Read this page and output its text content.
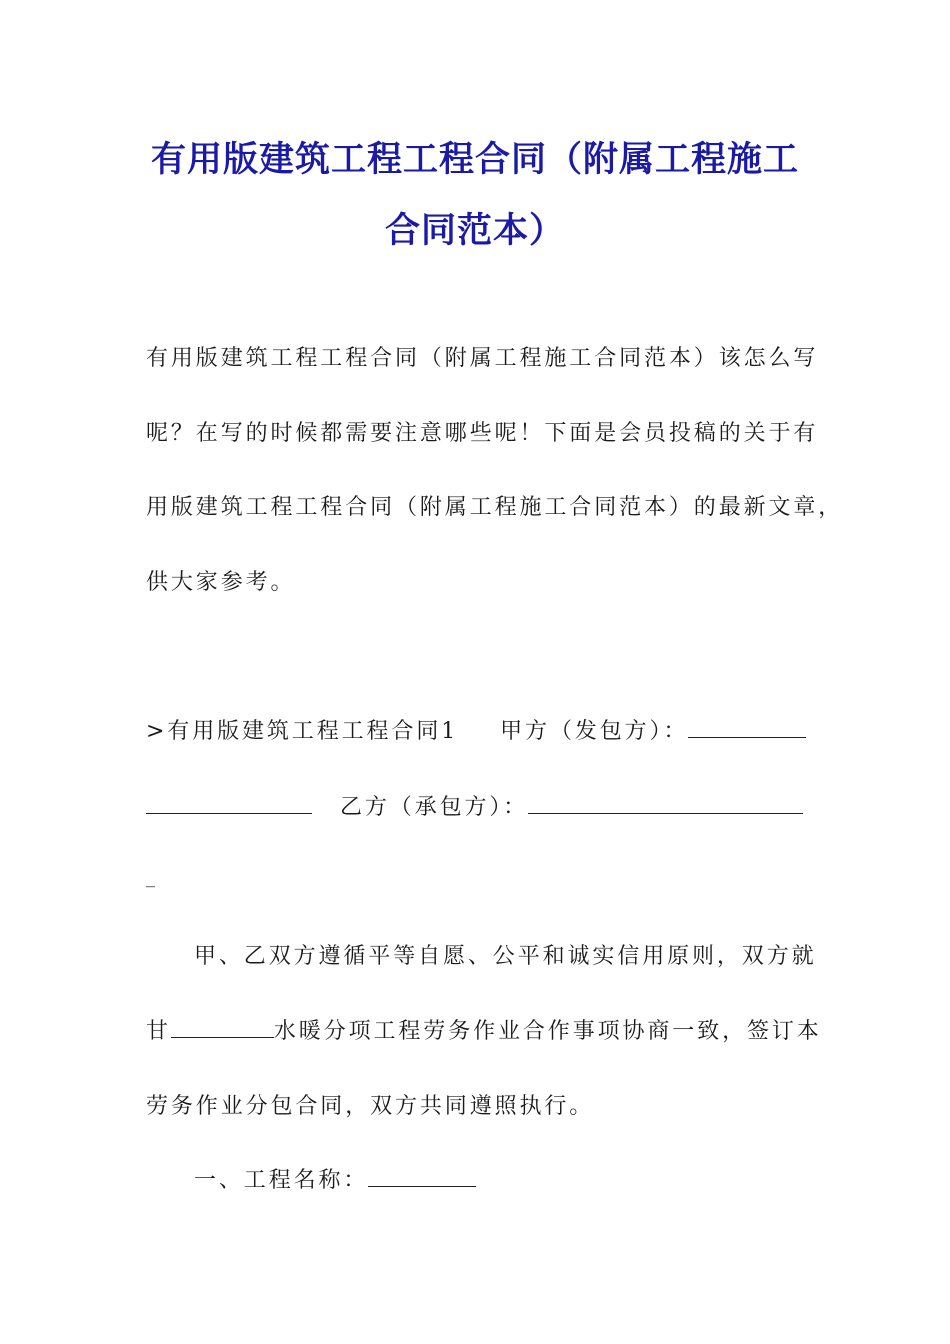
有用版建筑工程工程合同（附属工程施工
合同范本）
有用版建筑工程工程合同（附属工程施工合同范本）该怎么写
呢？在写的时候都需要注意哪些呢！下面是会员投稿的关于有
用版建筑工程工程合同（附属工程施工合同范本）的最新文章，
供大家参考。
>有用版建筑工程工程合同1 甲方（发包方）：
乙方（承包方）：
_
甲、乙双方遵循平等自愿、公平和诚实信用原则，双方就
甘	水暖分项工程劳务作业合作事项协商一致，签订本
劳务作业分包合同，双方共同遵照执行。
一、工程名称：
